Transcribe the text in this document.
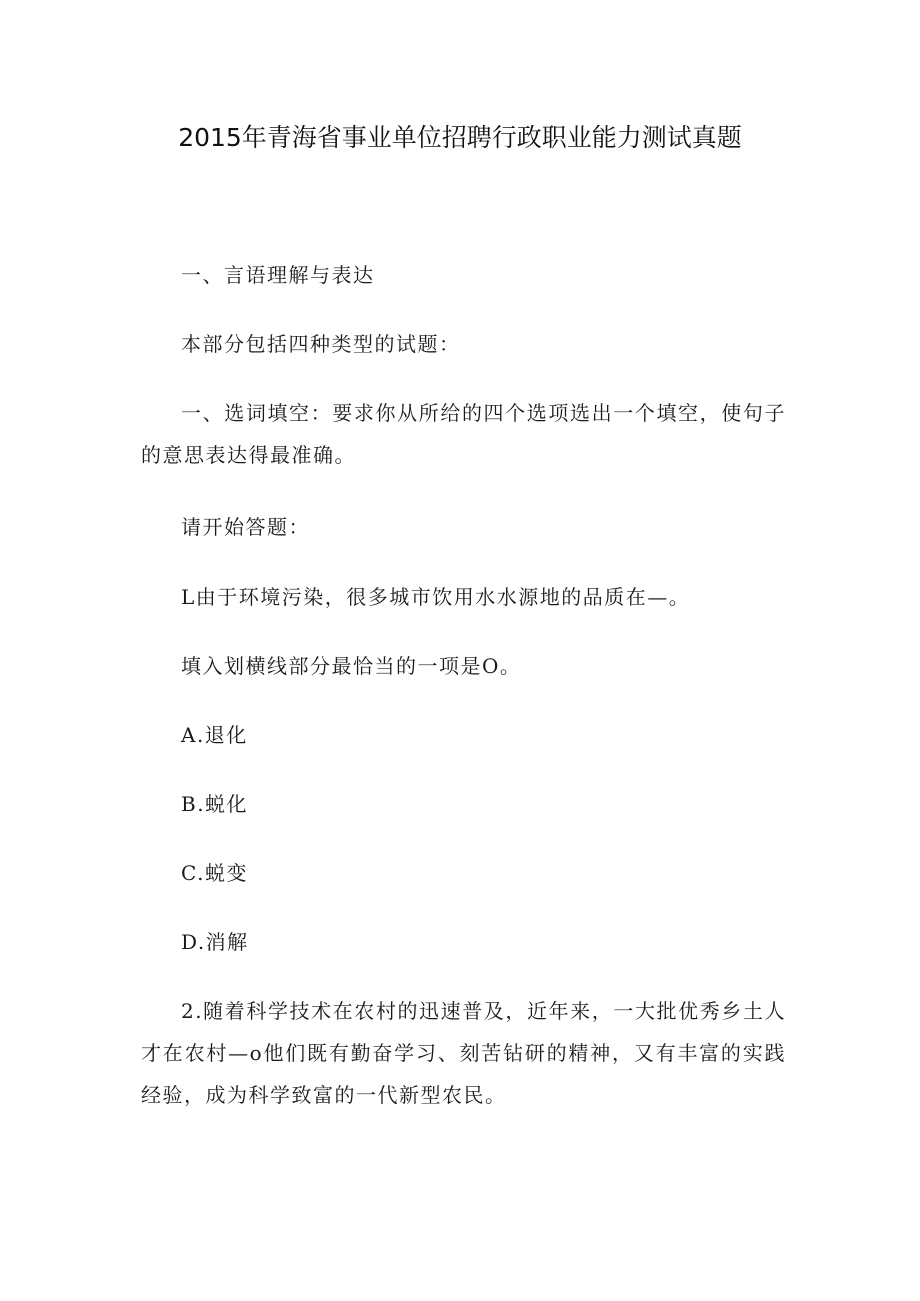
2015年青海省事业单位招聘行政职业能力测试真题

一、言语理解与表达

本部分包括四种类型的试题：

一、选词填空：要求你从所给的四个选项选出一个填空，使句子的意思表达得最准确。

请开始答题：

L由于环境污染，很多城市饮用水水源地的品质在—。

填入划横线部分最恰当的一项是O。

A.退化

B.蜕化

C.蜕变

D.消解

2.随着科学技术在农村的迅速普及，近年来，一大批优秀乡土人才在农村—o他们既有勤奋学习、刻苦钻研的精神，又有丰富的实践经验，成为科学致富的一代新型农民。
